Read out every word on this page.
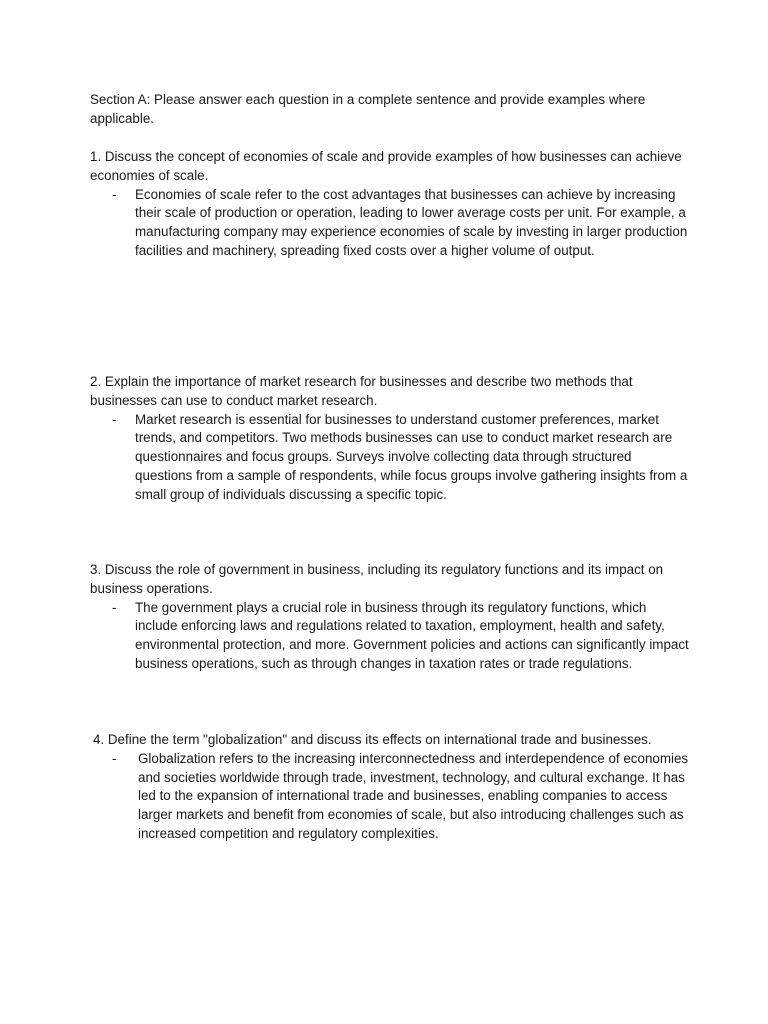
Section A: Please answer each question in a complete sentence and provide examples where applicable.

1. Discuss the concept of economies of scale and provide examples of how businesses can achieve economies of scale.

- Economies of scale refer to the cost advantages that businesses can achieve by increasing their scale of production or operation, leading to lower average costs per unit. For example, a manufacturing company may experience economies of scale by investing in larger production facilities and machinery, spreading fixed costs over a higher volume of output.

2. Explain the importance of market research for businesses and describe two methods that businesses can use to conduct market research.

- Market research is essential for businesses to understand customer preferences, market trends, and competitors. Two methods businesses can use to conduct market research are questionnaires and focus groups. Surveys involve collecting data through structured questions from a sample of respondents, while focus groups involve gathering insights from a small group of individuals discussing a specific topic.

3. Discuss the role of government in business, including its regulatory functions and its impact on business operations.

- The government plays a crucial role in business through its regulatory functions, which include enforcing laws and regulations related to taxation, employment, health and safety, environmental protection, and more. Government policies and actions can significantly impact business operations, such as through changes in taxation rates or trade regulations.

4. Define the term "globalization" and discuss its effects on international trade and businesses.

- Globalization refers to the increasing interconnectedness and interdependence of economies and societies worldwide through trade, investment, technology, and cultural exchange. It has led to the expansion of international trade and businesses, enabling companies to access larger markets and benefit from economies of scale, but also introducing challenges such as increased competition and regulatory complexities.
